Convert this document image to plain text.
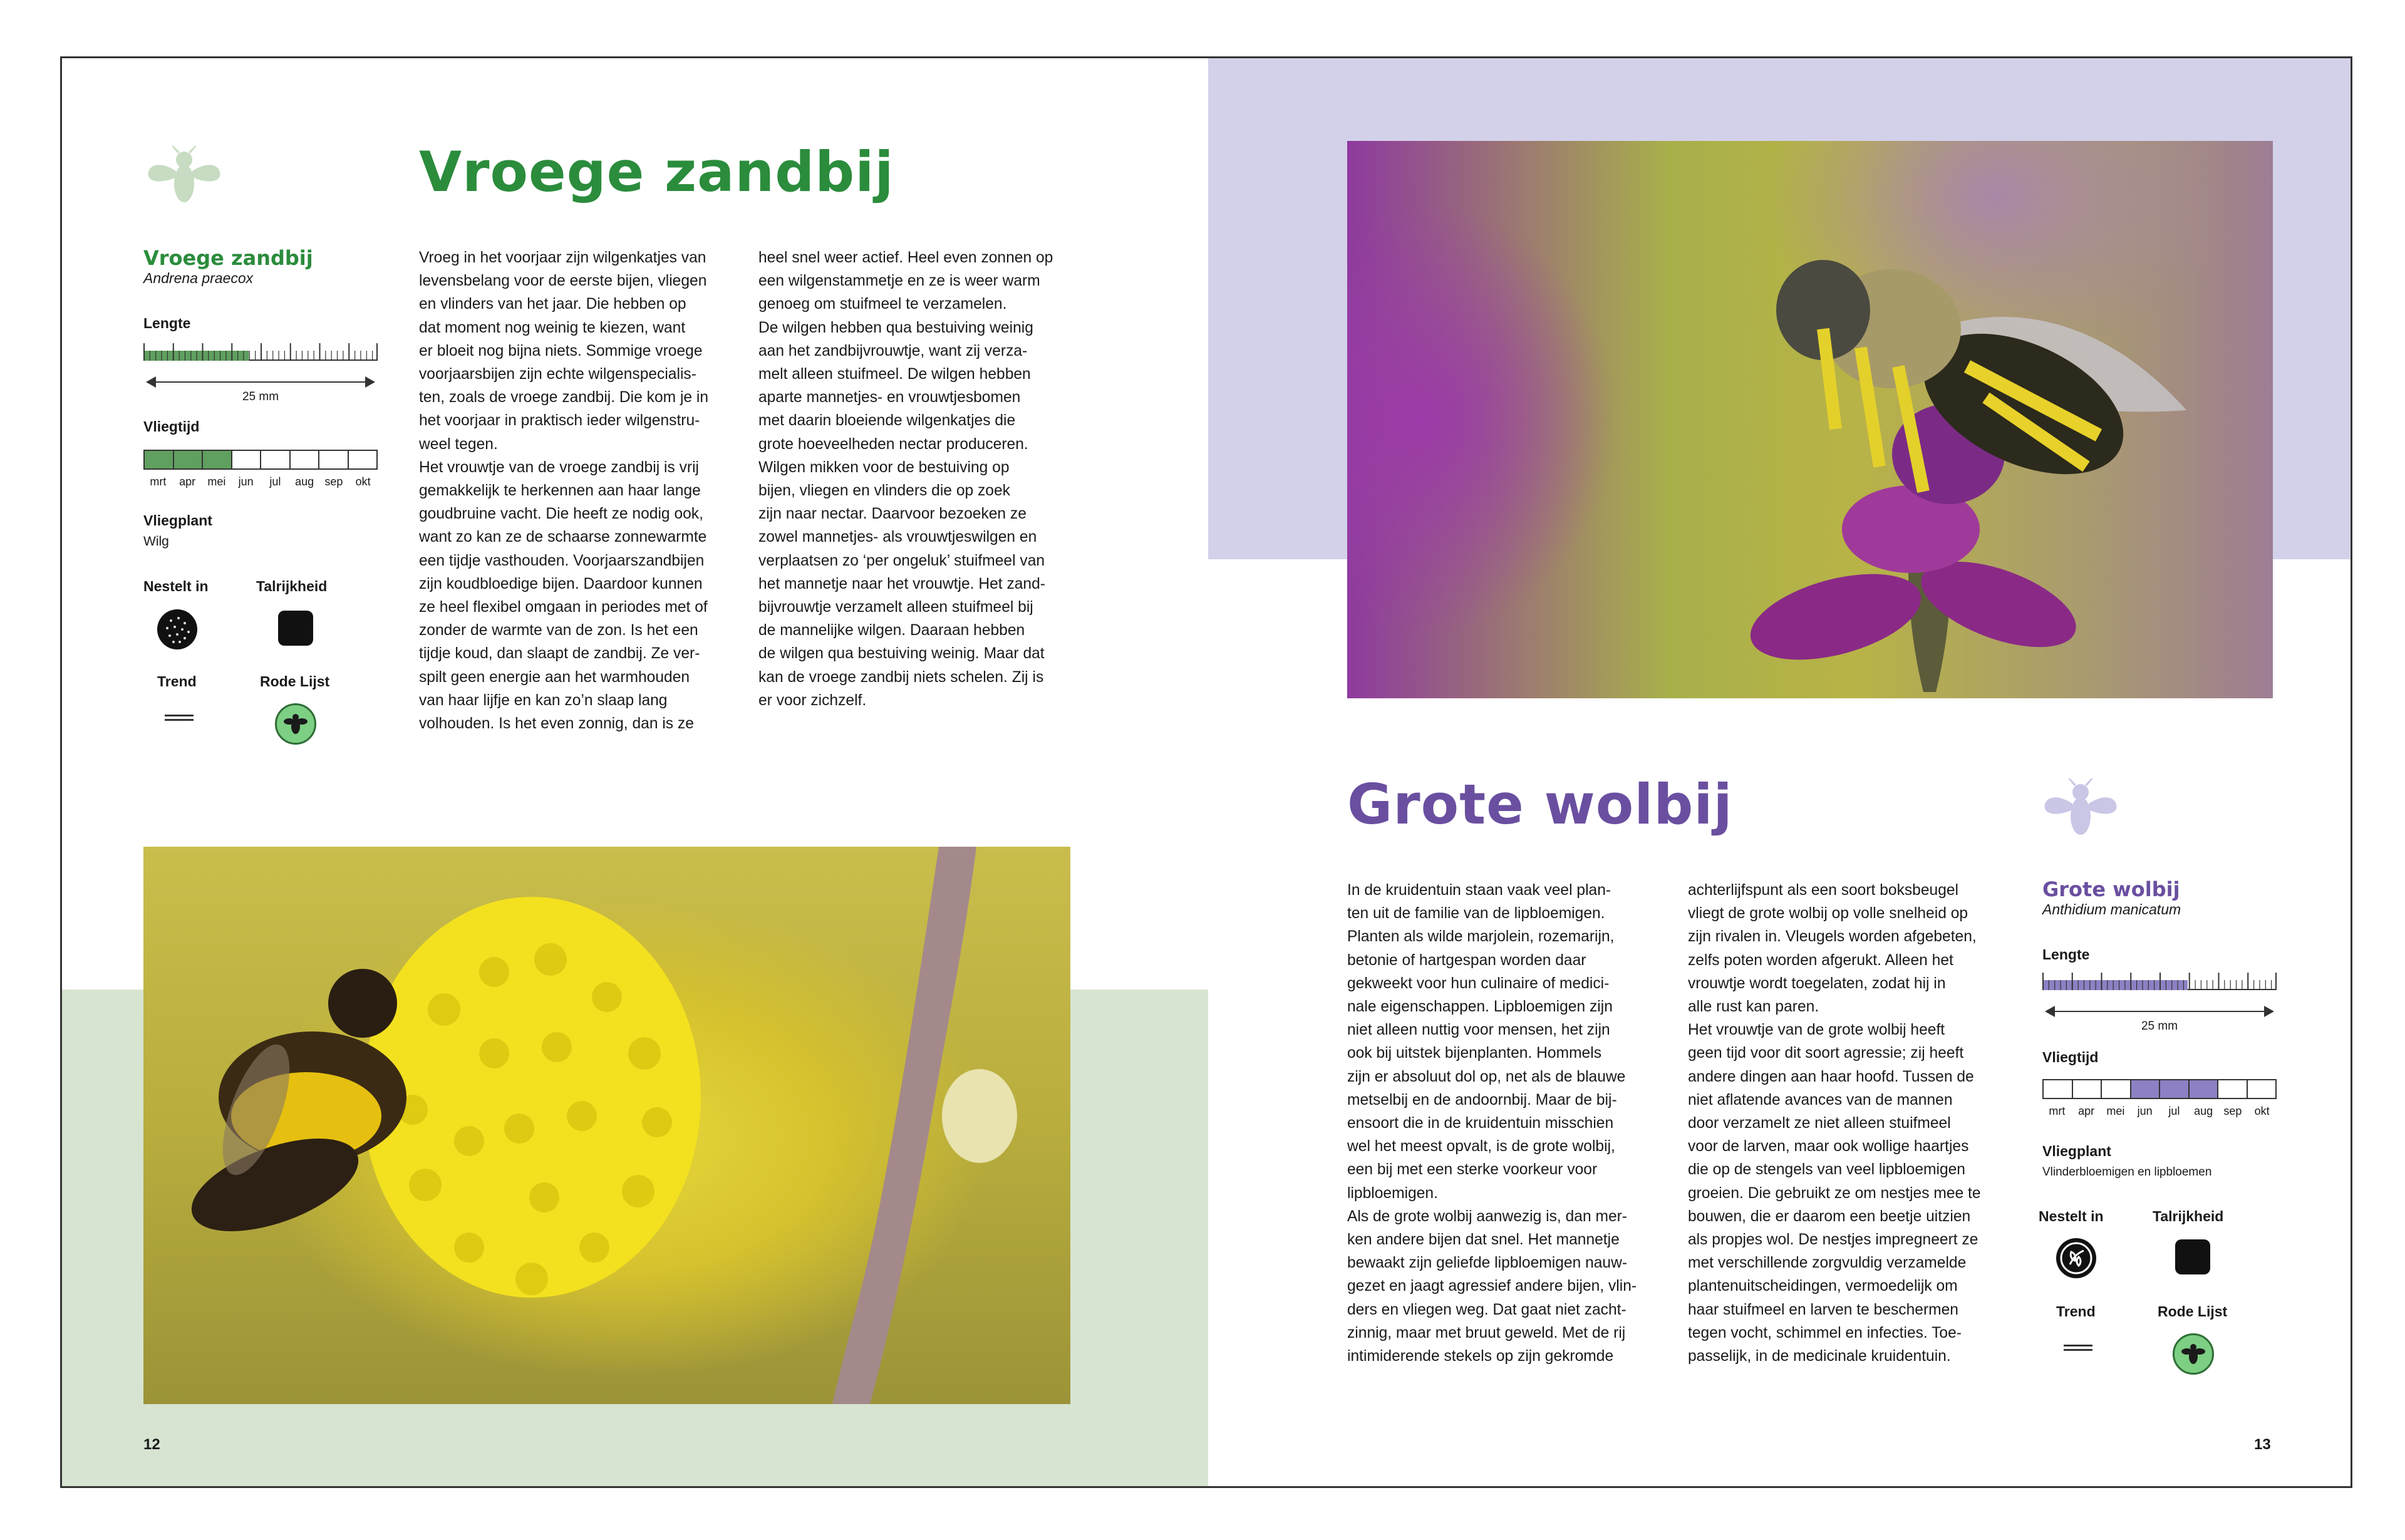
Vroege zandbij
Vroege zandbij
Andrena praecox
Lengte
25 mm
Vliegtijd
mrt	apr	mei	jun	jul	aug sep	okt
Vliegplant
Wilg
Nestelt in	Talrijkheid
Trend	Rode Lijst

Vroeg in het voorjaar zijn wilgenkatjes van
levensbelang voor de eerste bijen, vliegen
en vlinders van het jaar. Die hebben op
dat moment nog weinig te kiezen, want
er bloeit nog bijna niets. Sommige vroege
voorjaarsbijen zijn echte wilgenspecialis-
ten, zoals de vroege zandbij. Die kom je in
het voorjaar in praktisch ieder wilgenstru-
weel tegen.
Het vrouwtje van de vroege zandbij is vrij
gemakkelijk te herkennen aan haar lange
goudbruine vacht. Die heeft ze nodig ook,
want zo kan ze de schaarse zonnewarmte
een tijdje vasthouden. Voorjaarszandbijen
zijn koudbloedige bijen. Daardoor kunnen
ze heel flexibel omgaan in periodes met of
zonder de warmte van de zon. Is het een
tijdje koud, dan slaapt de zandbij. Ze ver-
spilt geen energie aan het warmhouden
van haar lijfje en kan zo’n slaap lang
volhouden. Is het even zonnig, dan is ze

heel snel weer actief. Heel even zonnen op
een wilgenstammetje en ze is weer warm
genoeg om stuifmeel te verzamelen.
De wilgen hebben qua bestuiving weinig
aan het zandbijvrouwtje, want zij verza-
melt alleen stuifmeel. De wilgen hebben
aparte mannetjes- en vrouwtjesbomen
met daarin bloeiende wilgenkatjes die
grote hoeveelheden nectar produceren.
Wilgen mikken voor de bestuiving op
bijen, vliegen en vlinders die op zoek
zijn naar nectar. Daarvoor bezoeken ze
zowel mannetjes- als vrouwtjeswilgen en
verplaatsen zo ‘per ongeluk’ stuifmeel van
het mannetje naar het vrouwtje. Het zand-
bijvrouwtje verzamelt alleen stuifmeel bij
de mannelijke wilgen. Daaraan hebben
de wilgen qua bestuiving weinig. Maar dat
kan de vroege zandbij niets schelen. Zij is
er voor zichzelf.

12
Grote wolbij

In de kruidentuin staan vaak veel plan-
ten uit de familie van de lipbloemigen.
Planten als wilde marjolein, rozemarijn,
betonie of hartgespan worden daar
gekweekt voor hun culinaire of medici-
nale eigenschappen. Lipbloemigen zijn
niet alleen nuttig voor mensen, het zijn
ook bij uitstek bijenplanten. Hommels
zijn er absoluut dol op, net als de blauwe
metselbij en de andoornbij. Maar de bij-
ensoort die in de kruidentuin misschien
wel het meest opvalt, is de grote wolbij,
een bij met een sterke voorkeur voor
lipbloemigen.
Als de grote wolbij aanwezig is, dan mer-
ken andere bijen dat snel. Het mannetje
bewaakt zijn geliefde lipbloemigen nauw-
gezet en jaagt agressief andere bijen, vlin-
ders en vliegen weg. Dat gaat niet zacht-
zinnig, maar met bruut geweld. Met de rij
intimiderende stekels op zijn gekromde

achterlijfspunt als een soort boksbeugel
vliegt de grote wolbij op volle snelheid op
zijn rivalen in. Vleugels worden afgebeten,
zelfs poten worden afgerukt. Alleen het
vrouwtje wordt toegelaten, zodat hij in
alle rust kan paren.
Het vrouwtje van de grote wolbij heeft
geen tijd voor dit soort agressie; zij heeft
andere dingen aan haar hoofd. Tussen de
niet aflatende avances van de mannen
door verzamelt ze niet alleen stuifmeel
voor de larven, maar ook wollige haartjes
die op de stengels van veel lipbloemigen
groeien. Die gebruikt ze om nestjes mee te
bouwen, die er daarom een beetje uitzien
als propjes wol. De nestjes impregneert ze
met verschillende zorgvuldig verzamelde
plantenuitscheidingen, vermoedelijk om
haar stuifmeel en larven te beschermen
tegen vocht, schimmel en infecties. Toe-
passelijk, in de medicinale kruidentuin.

Grote wolbij
Anthidium manicatum
Lengte
25 mm
Vliegtijd
mrt	apr	mei	jun	jul	aug sep	okt
Vliegplant
Vlinderbloemigen en lipbloemen
Nestelt in	Talrijkheid
Trend	Rode Lijst
13
